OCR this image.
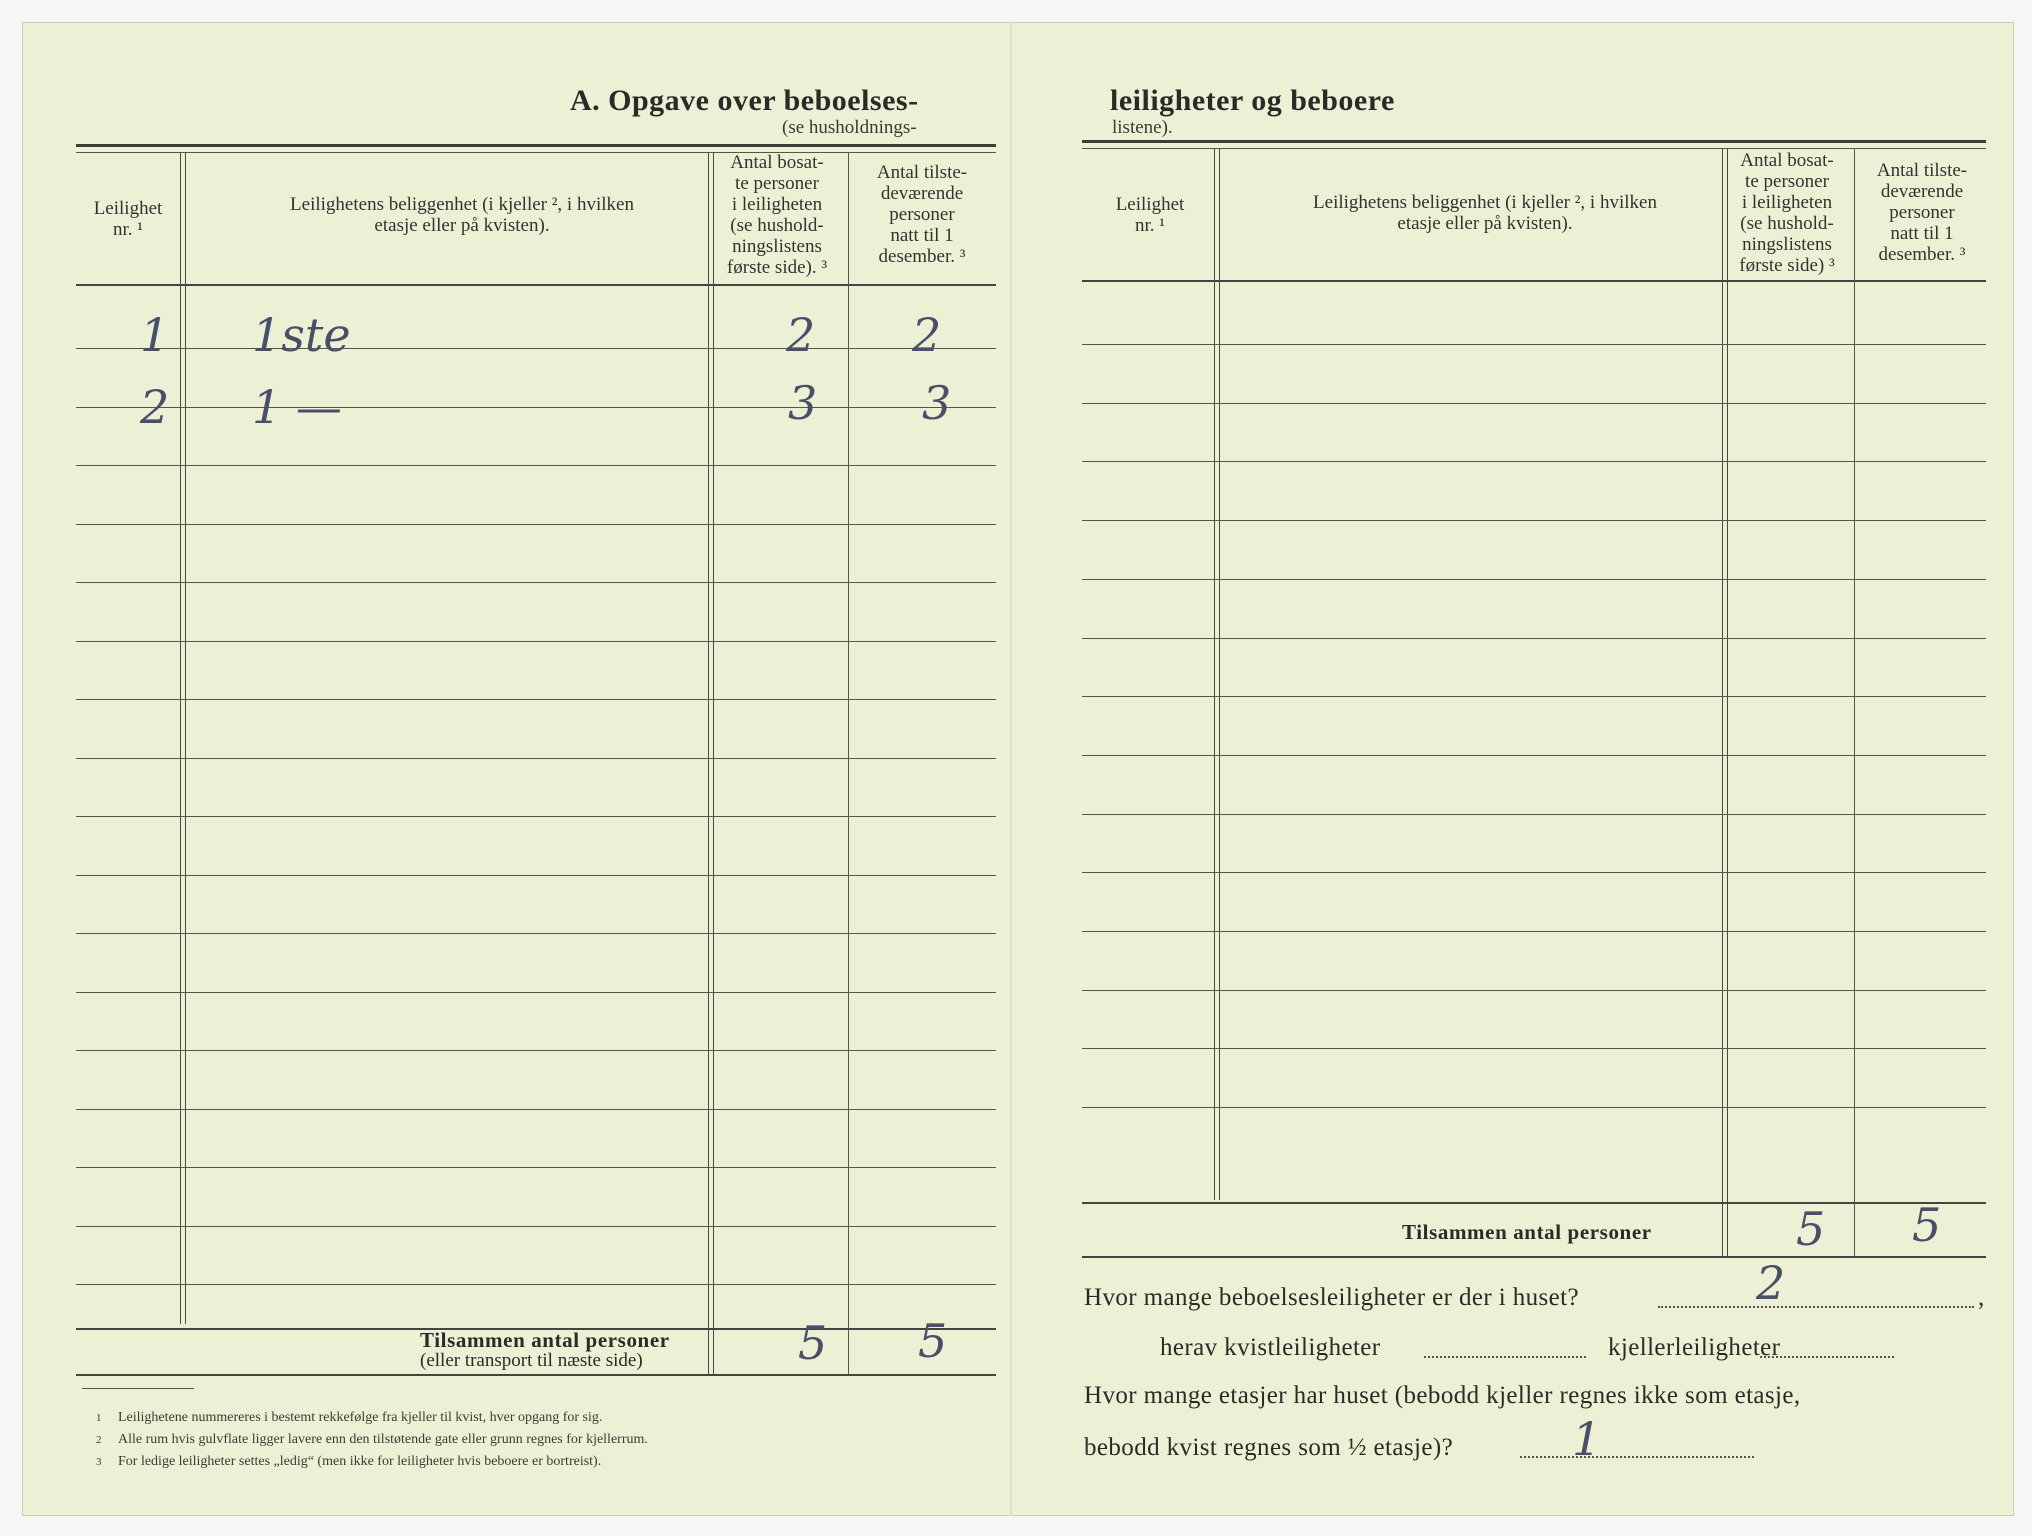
A. Opgave over beboelses-
(se husholdnings-
Leilighet
nr. ¹
Leilighetens beliggenhet (i kjeller ², i hvilken
etasje eller på kvisten).
Antal bosat-
te personer
i leiligheten
(se hushold-
ningslistens
første side). ³
Antal tilste-
deværende
personer
natt til 1
desember. ³
1 1ste	2 2
2 1 —	3 3
Tilsammen antal personer
(eller transport til næste side)	5 5
1 Leilighetene nummereres i bestemt rekkefølge fra kjeller til kvist, hver opgang for sig.
2 Alle rum hvis gulvflate ligger lavere enn den tilstøtende gate eller grunn regnes for kjellerrum.
3 For ledige leiligheter settes „ledig“ (men ikke for leiligheter hvis beboere er bortreist).
leiligheter og beboere
listene).
Leilighet
nr. ¹
Leilighetens beliggenhet (i kjeller ², i hvilken
etasje eller på kvisten).
Antal bosat-
te personer
i leiligheten
(se hushold-
ningslistens
første side) ³
Antal tilste-
deværende
personer
natt til 1
desember. ³
Tilsammen antal personer	5 5
Hvor mange beboelsesleiligheter er der i huset?	2	,
herav kvistleiligheter	kjellerleiligheter
Hvor mange etasjer har huset (bebodd kjeller regnes ikke som etasje,
bebodd kvist regnes som ½ etasje)?	1
